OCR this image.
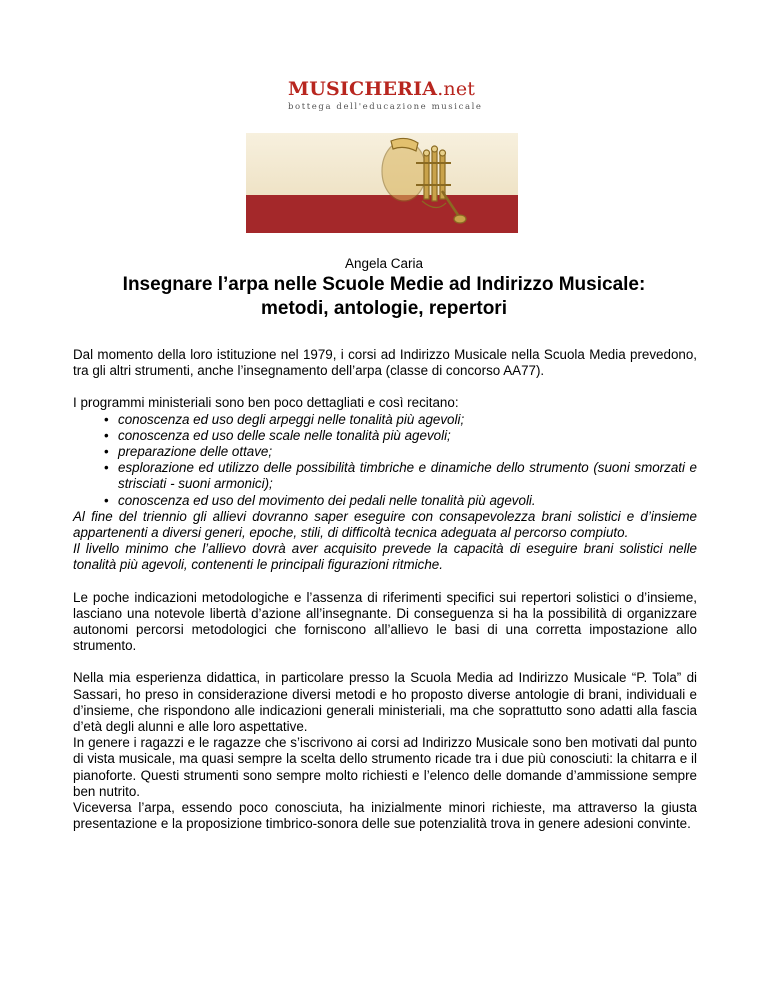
MUSICHERIA.net
bottega dell'educazione musicale
Angela Caria
Insegnare l’arpa nelle Scuole Medie ad Indirizzo Musicale:
metodi, antologie, repertori

Dal momento della loro istituzione nel 1979, i corsi ad Indirizzo Musicale nella Scuola Media prevedono, tra gli altri strumenti, anche l’insegnamento dell’arpa (classe di concorso AA77).

I programmi ministeriali sono ben poco dettagliati e così recitano:

• conoscenza ed uso degli arpeggi nelle tonalità più agevoli;
• conoscenza ed uso delle scale nelle tonalità più agevoli;
• preparazione delle ottave;
• esplorazione ed utilizzo delle possibilità timbriche e dinamiche dello strumento (suoni smorzati e strisciati - suoni armonici);
• conoscenza ed uso del movimento dei pedali nelle tonalità più agevoli.

Al fine del triennio gli allievi dovranno saper eseguire con consapevolezza brani solistici e d’insieme appartenenti a diversi generi, epoche, stili, di difficoltà tecnica adeguata al percorso compiuto.

Il livello minimo che l’allievo dovrà aver acquisito prevede la capacità di eseguire brani solistici nelle tonalità più agevoli, contenenti le principali figurazioni ritmiche.

Le poche indicazioni metodologiche e l’assenza di riferimenti specifici sui repertori solistici o d’insieme, lasciano una notevole libertà d’azione all’insegnante. Di conseguenza si ha la possibilità di organizzare autonomi percorsi metodologici che forniscono all’allievo le basi di una corretta impostazione allo strumento.

Nella mia esperienza didattica, in particolare presso la Scuola Media ad Indirizzo Musicale “P. Tola” di Sassari, ho preso in considerazione diversi metodi e ho proposto diverse antologie di brani, individuali e d’insieme, che rispondono alle indicazioni generali ministeriali, ma che soprattutto sono adatti alla fascia d’età degli alunni e alle loro aspettative.

In genere i ragazzi e le ragazze che s’iscrivono ai corsi ad Indirizzo Musicale sono ben motivati dal punto di vista musicale, ma quasi sempre la scelta dello strumento ricade tra i due più conosciuti: la chitarra e il pianoforte. Questi strumenti sono sempre molto richiesti e l’elenco delle domande d’ammissione sempre ben nutrito.

Viceversa l’arpa, essendo poco conosciuta, ha inizialmente minori richieste, ma attraverso la giusta presentazione e la proposizione timbrico-sonora delle sue potenzialità trova in genere adesioni convinte.
